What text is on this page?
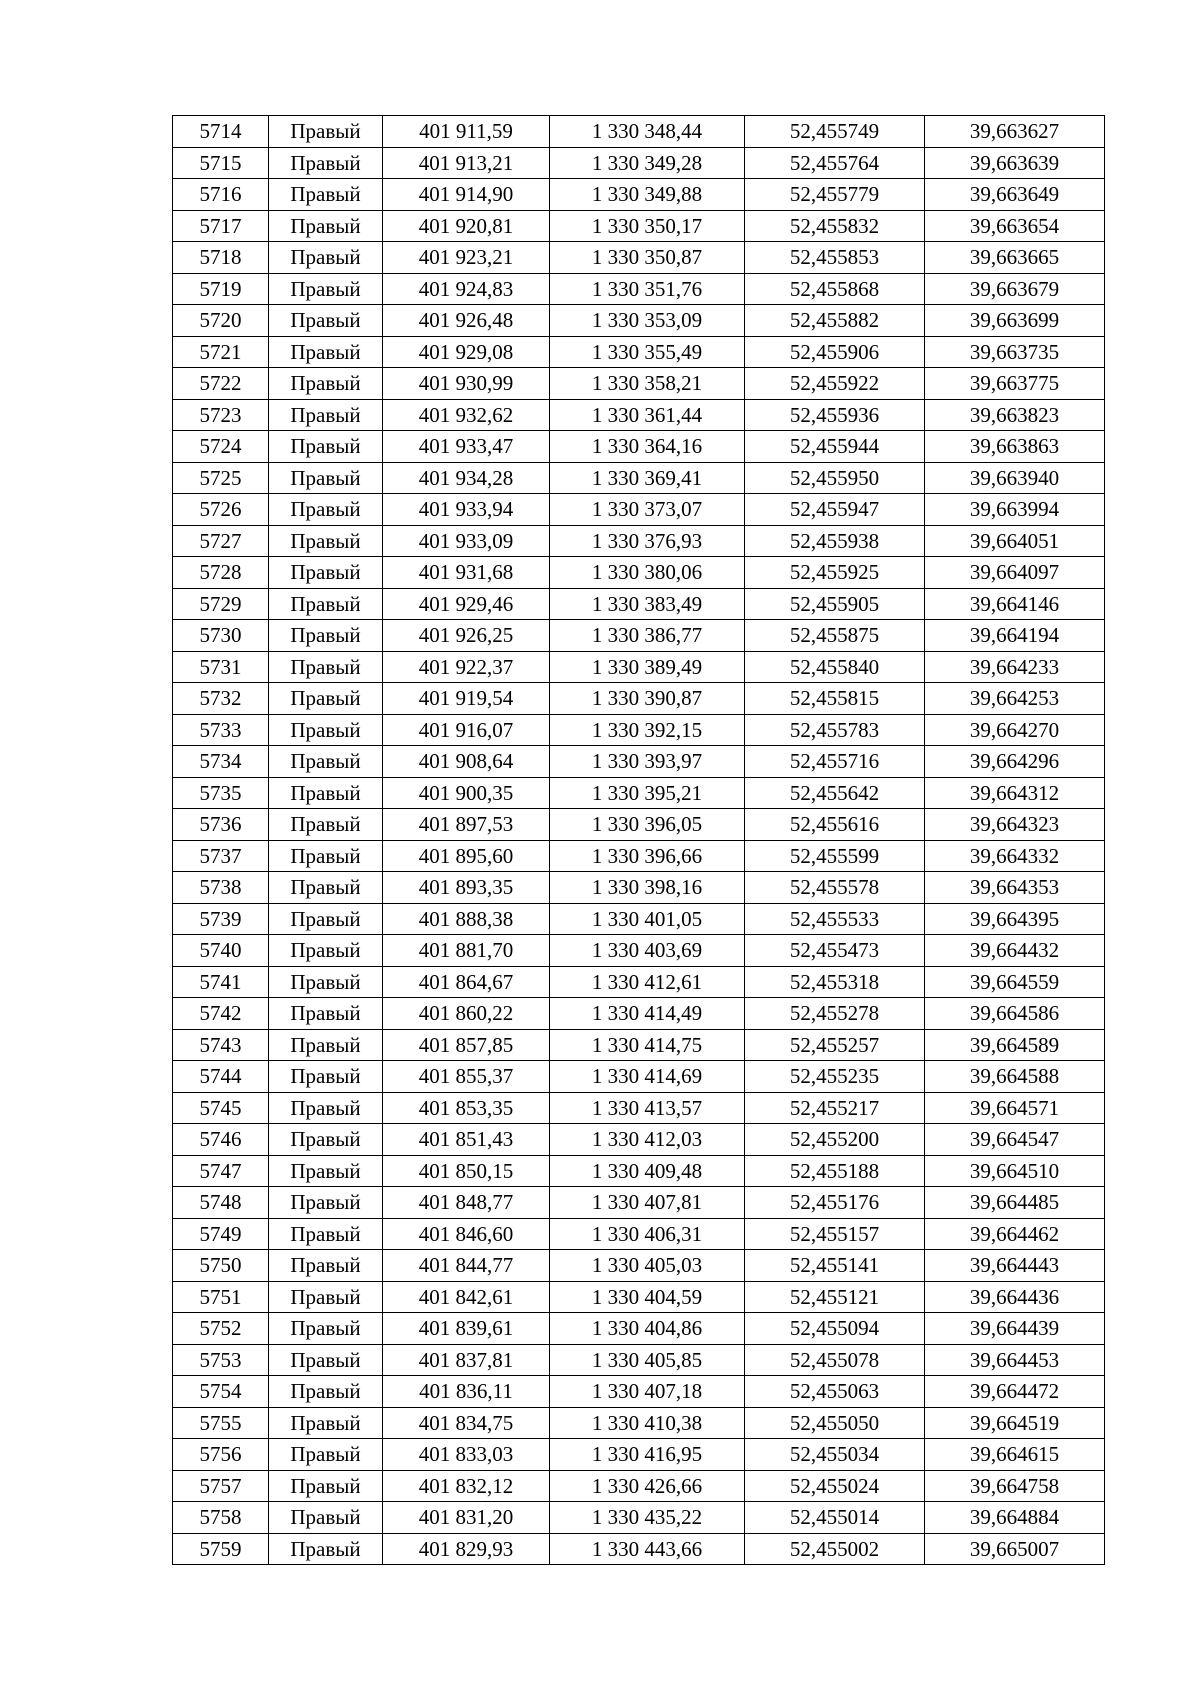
5714	Правый	401 911,59	1 330 348,44	52,455749	39,663627
5715	Правый	401 913,21	1 330 349,28	52,455764	39,663639
5716	Правый	401 914,90	1 330 349,88	52,455779	39,663649
5717	Правый	401 920,81	1 330 350,17	52,455832	39,663654
5718	Правый	401 923,21	1 330 350,87	52,455853	39,663665
5719	Правый	401 924,83	1 330 351,76	52,455868	39,663679
5720	Правый	401 926,48	1 330 353,09	52,455882	39,663699
5721	Правый	401 929,08	1 330 355,49	52,455906	39,663735
5722	Правый	401 930,99	1 330 358,21	52,455922	39,663775
5723	Правый	401 932,62	1 330 361,44	52,455936	39,663823
5724	Правый	401 933,47	1 330 364,16	52,455944	39,663863
5725	Правый	401 934,28	1 330 369,41	52,455950	39,663940
5726	Правый	401 933,94	1 330 373,07	52,455947	39,663994
5727	Правый	401 933,09	1 330 376,93	52,455938	39,664051
5728	Правый	401 931,68	1 330 380,06	52,455925	39,664097
5729	Правый	401 929,46	1 330 383,49	52,455905	39,664146
5730	Правый	401 926,25	1 330 386,77	52,455875	39,664194
5731	Правый	401 922,37	1 330 389,49	52,455840	39,664233
5732	Правый	401 919,54	1 330 390,87	52,455815	39,664253
5733	Правый	401 916,07	1 330 392,15	52,455783	39,664270
5734	Правый	401 908,64	1 330 393,97	52,455716	39,664296
5735	Правый	401 900,35	1 330 395,21	52,455642	39,664312
5736	Правый	401 897,53	1 330 396,05	52,455616	39,664323
5737	Правый	401 895,60	1 330 396,66	52,455599	39,664332
5738	Правый	401 893,35	1 330 398,16	52,455578	39,664353
5739	Правый	401 888,38	1 330 401,05	52,455533	39,664395
5740	Правый	401 881,70	1 330 403,69	52,455473	39,664432
5741	Правый	401 864,67	1 330 412,61	52,455318	39,664559
5742	Правый	401 860,22	1 330 414,49	52,455278	39,664586
5743	Правый	401 857,85	1 330 414,75	52,455257	39,664589
5744	Правый	401 855,37	1 330 414,69	52,455235	39,664588
5745	Правый	401 853,35	1 330 413,57	52,455217	39,664571
5746	Правый	401 851,43	1 330 412,03	52,455200	39,664547
5747	Правый	401 850,15	1 330 409,48	52,455188	39,664510
5748	Правый	401 848,77	1 330 407,81	52,455176	39,664485
5749	Правый	401 846,60	1 330 406,31	52,455157	39,664462
5750	Правый	401 844,77	1 330 405,03	52,455141	39,664443
5751	Правый	401 842,61	1 330 404,59	52,455121	39,664436
5752	Правый	401 839,61	1 330 404,86	52,455094	39,664439
5753	Правый	401 837,81	1 330 405,85	52,455078	39,664453
5754	Правый	401 836,11	1 330 407,18	52,455063	39,664472
5755	Правый	401 834,75	1 330 410,38	52,455050	39,664519
5756	Правый	401 833,03	1 330 416,95	52,455034	39,664615
5757	Правый	401 832,12	1 330 426,66	52,455024	39,664758
5758	Правый	401 831,20	1 330 435,22	52,455014	39,664884
5759	Правый	401 829,93	1 330 443,66	52,455002	39,665007
